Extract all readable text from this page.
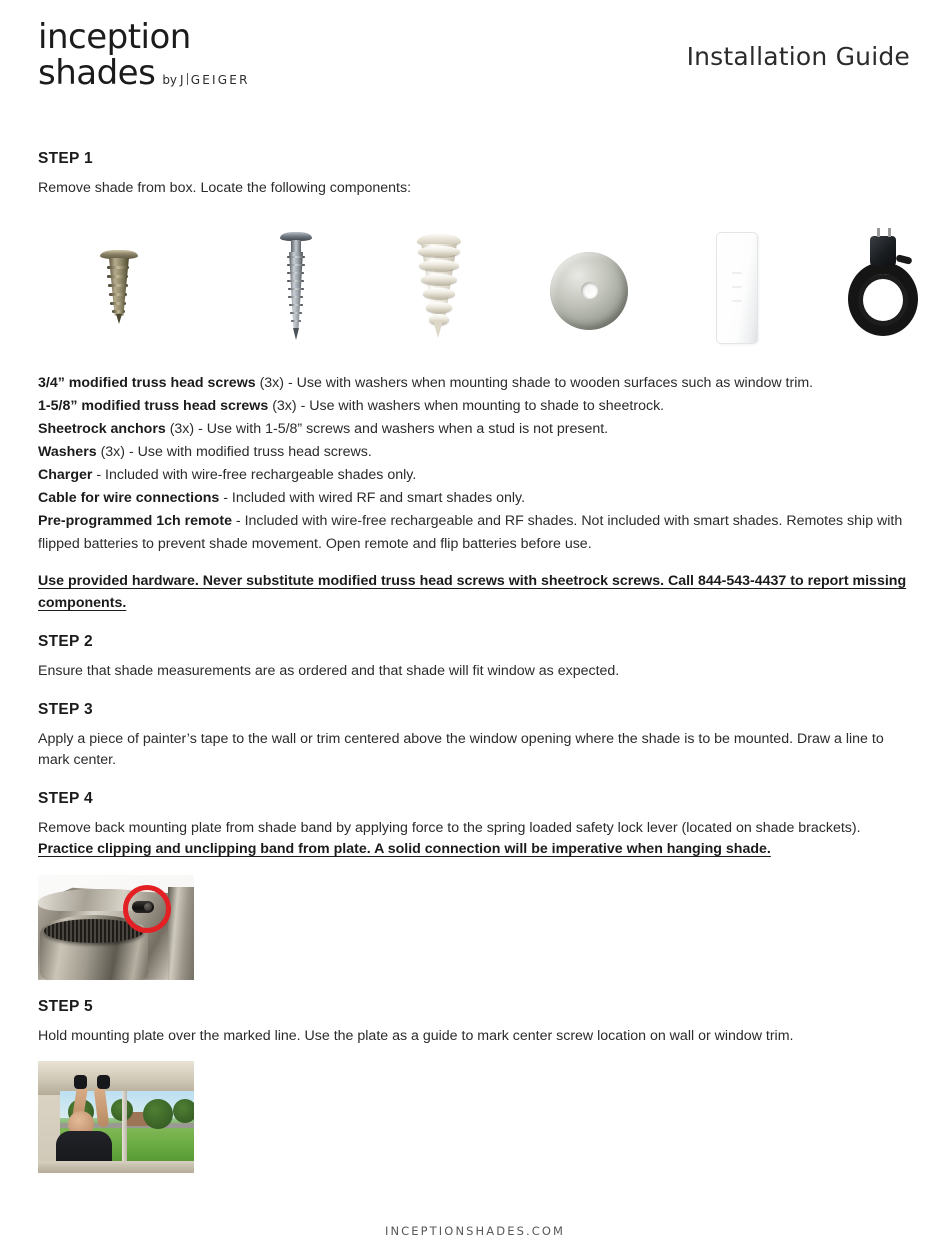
inception
shades by J GEIGER
Installation Guide
STEP 1
Remove shade from box. Locate the following components:
3/4” modified truss head screws (3x) - Use with washers when mounting shade to wooden surfaces such as window trim.
1-5/8” modified truss head screws (3x) - Use with washers when mounting to shade to sheetrock.
Sheetrock anchors (3x) - Use with 1-5/8” screws and washers when a stud is not present.
Washers (3x) - Use with modified truss head screws.
Charger - Included with wire-free rechargeable shades only.
Cable for wire connections - Included with wired RF and smart shades only.
Pre-programmed 1ch remote - Included with wire-free rechargeable and RF shades. Not included with smart shades. Remotes ship with flipped batteries to prevent shade movement. Open remote and flip batteries before use.
Use provided hardware. Never substitute modified truss head screws with sheetrock screws. Call 844-543-4437 to report missing components.
STEP 2
Ensure that shade measurements are as ordered and that shade will fit window as expected.
STEP 3
Apply a piece of painter’s tape to the wall or trim centered above the window opening where the shade is to be mounted. Draw a line to mark center.
STEP 4
Remove back mounting plate from shade band by applying force to the spring loaded safety lock lever (located on shade brackets). Practice clipping and unclipping band from plate. A solid connection will be imperative when hanging shade.
STEP 5
Hold mounting plate over the marked line. Use the plate as a guide to mark center screw location on wall or window trim.
INCEPTIONSHADES.COM
